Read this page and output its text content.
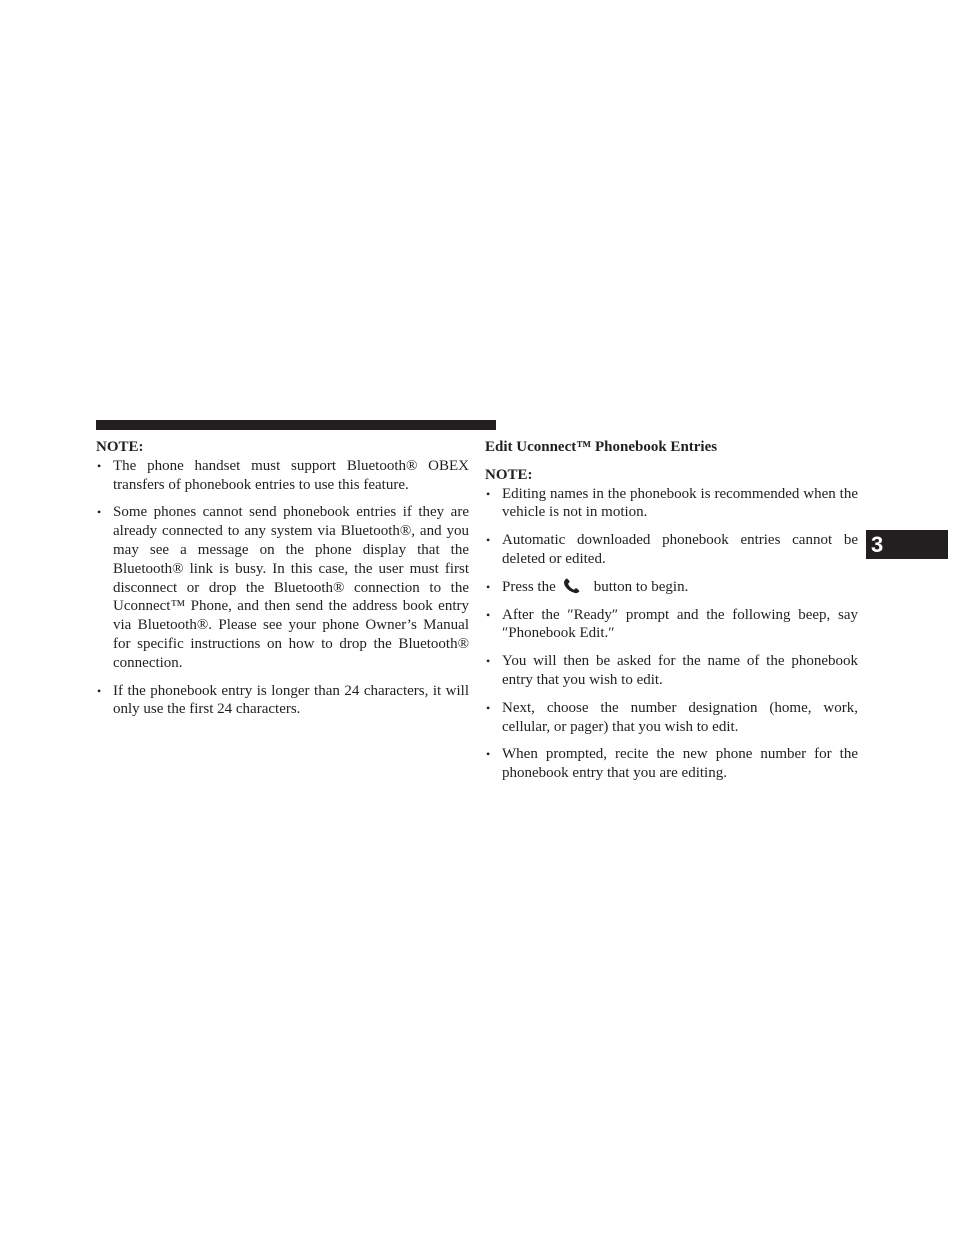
NOTE:

• The phone handset must support Bluetooth® OBEX transfers of phonebook entries to use this feature.
• Some phones cannot send phonebook entries if they are already connected to any system via Bluetooth®, and you may see a message on the phone display that the Bluetooth® link is busy. In this case, the user must first disconnect or drop the Bluetooth® connection to the Uconnect™ Phone, and then send the address book entry via Bluetooth®. Please see your phone Owner’s Manual for specific instructions on how to drop the Bluetooth® connection.
• If the phonebook entry is longer than 24 characters, it will only use the first 24 characters.

Edit Uconnect™ Phonebook Entries

NOTE:

• Editing names in the phonebook is recommended when the vehicle is not in motion.
• Automatic downloaded phonebook entries cannot be deleted or edited.
• Press the	button to begin.
• After the ″Ready″ prompt and the following beep, say ″Phonebook Edit.″
• You will then be asked for the name of the phonebook entry that you wish to edit.
• Next, choose the number designation (home, work, cellular, or pager) that you wish to edit.
• When prompted, recite the new phone number for the phonebook entry that you are editing.
3
